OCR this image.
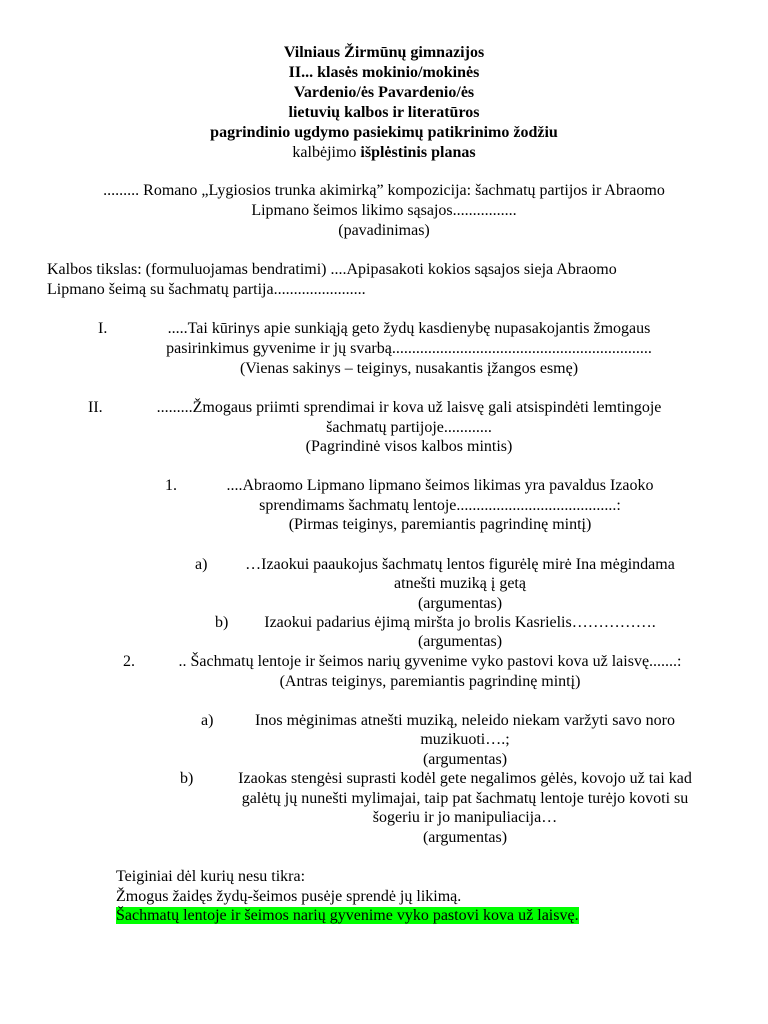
Vilniaus Žirmūnų gimnazijos
II... klasės mokinio/mokinės
Vardenio/ės Pavardenio/ės
lietuvių kalbos ir literatūros
pagrindinio ugdymo pasiekimų patikrinimo žodžiu
kalbėjimo išplėstinis planas
......... Romano „Lygiosios trunka akimirką” kompozicija: šachmatų partijos ir Abraomo
Lipmano šeimos likimo sąsajos................
(pavadinimas)
Kalbos tikslas: (formuluojamas bendratimi) ....Apipasakoti kokios sąsajos sieja Abraomo
Lipmano šeimą su šachmatų partija.......................
I.	.....Tai kūrinys apie sunkiąją geto žydų kasdienybę nupasakojantis žmogaus
pasirinkimus gyvenime ir jų svarbą.................................................................
(Vienas sakinys – teiginys, nusakantis įžangos esmę)
II.	.........Žmogaus priimti sprendimai ir kova už laisvę gali atsispindėti lemtingoje
šachmatų partijoje............
(Pagrindinė visos kalbos mintis)
1.	....Abraomo Lipmano lipmano šeimos likimas yra pavaldus Izaoko
sprendimams šachmatų lentoje........................................:
(Pirmas teiginys, paremiantis pagrindinę mintį)
a)	…Izaokui paaukojus šachmatų lentos figurėlę mirė Ina mėgindama
atnešti muziką į getą
(argumentas)
b)	Izaokui padarius ėjimą miršta jo brolis Kasrielis…………….
(argumentas)
2.	.. Šachmatų lentoje ir šeimos narių gyvenime vyko pastovi kova už laisvę.......:
(Antras teiginys, paremiantis pagrindinę mintį)
a)	Inos mėginimas atnešti muziką, neleido niekam varžyti savo noro
muzikuoti….;
(argumentas)
b)	Izaokas stengėsi suprasti kodėl gete negalimos gėlės, kovojo už tai kad
galėtų jų nunešti mylimajai, taip pat šachmatų lentoje turėjo kovoti su
šogeriu ir jo manipuliacija…
(argumentas)
Teiginiai dėl kurių nesu tikra:
Žmogus žaidęs žydų-šeimos pusėje sprendė jų likimą.
Šachmatų lentoje ir šeimos narių gyvenime vyko pastovi kova už laisvę.
